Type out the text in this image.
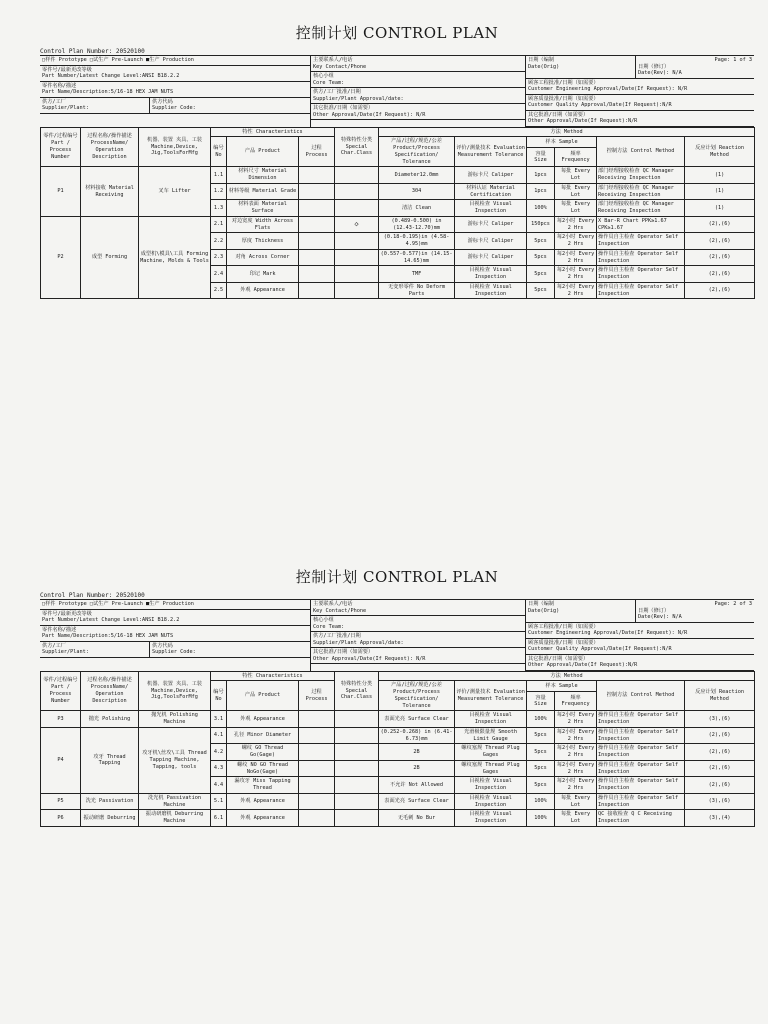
控制计划 CONTROL PLAN
Control Plan Number: 20520100
□样件 Prototype □试生产 Pre-Launch ■生产 Production
零件号/最新更改等级
Part Number/Latest Change Level:ANSI B18.2.2
零件名称/描述
Part Name/Description:5/16-18 HEX JAM NUTS
供方/工厂
Supplier/Plant:
供方代码
Supplier Code:
主要联系人/电话
Key Contact/Phone
核心小组
Core Team:
供方/工厂批准/日期
Supplier/Plant Approval/date:
其它批准/日期（如需要）
Other Approval/Date(If Request): N/R
日期（编制
Date(Orig)
Page: 1 of 3
日期（修订）
Date(Rev): N/A
顾客工程批准/日期（如需要）
Customer Engineering Approval/Date(If Request): N/R
顾客质量批准/日期（如需要）
Customer Quality Approval/Date(If Request):N/R
其它批准/日期（如需要）
Other Approval/Date(If Request):N/R
零件/过程编号 Part / Process Number	过程名称/操作描述 ProcessName/ Operation Description	机器、装置 夹具、工装 Machine,Device, Jig,ToolsForMfg	特性 Characteristics			特殊特性分类 Special Char.Class	方法 Method					
			编号 No	产品 Product	过程 Process		产品/过程/规范/公差 Product/Process Specification/ Tolerance	评价/测量技术 Evaluation Measurement Tolerance	样本 Sample		控制方法 Control Method	反应计划 Reaction Method
									容量 Size	频率 Frequency		
P1	材料接收 Material Receiving	叉车 Lifter	1.1	材料尺寸 Material Dimension			Diameter12.0mm	游标卡尺 Caliper	1pcs	每批 Every Lot	部门经理接收检查 QC Manager Receiving Inspection	(1)
			1.2	材料等级 Material Grade			304	材料认证 Material Certification	1pcs	每批 Every Lot	部门经理接收检查 QC Manager Receiving Inspection	(1)
			1.3	材料表面 Material Surface			清洁 Clean	目视检查 Visual Inspection	100%	每批 Every Lot	部门经理接收检查 QC Manager Receiving Inspection	(1)
P2	成型 Forming	成型机\模具\工具 Forming Machine, Molds & Tools	2.1	对边宽度 Width Across Flats		◇	(0.489-0.500) in (12.43-12.70)mm	游标卡尺 Caliper	150pcs	每2小时 Every 2 Hrs	X Bar-R Chart PPK≥1.67 CPK≥1.67	(2),(6)
			2.2	厚度 Thickness			(0.18-0.195)in (4.58-4.95)mm	游标卡尺 Caliper	5pcs	每2小时 Every 2 Hrs	操作员自主检查 Operator Self Inspection	(2),(6)
			2.3	对角 Across Corner			(0.557-0.577)in (14.15-14.65)mm	游标卡尺 Caliper	5pcs	每2小时 Every 2 Hrs	操作员自主检查 Operator Self Inspection	(2),(6)
			2.4	印记 Mark			TMF	目视检查 Visual Inspection	5pcs	每2小时 Every 2 Hrs	操作员自主检查 Operator Self Inspection	(2),(6)
			2.5	外观 Appearance			无变形零件 No Deform Parts	目视检查 Visual Inspection	5pcs	每2小时 Every 2 Hrs	操作员自主检查 Operator Self Inspection	(2),(6)
控制计划 CONTROL PLAN
Control Plan Number: 20520100
□样件 Prototype □试生产 Pre-Launch ■生产 Production
零件号/最新更改等级
Part Number/Latest Change Level:ANSI B18.2.2
零件名称/描述
Part Name/Description:5/16-18 HEX JAM NUTS
供方/工厂
Supplier/Plant:
供方代码
Supplier Code:
主要联系人/电话
Key Contact/Phone
核心小组
Core Team:
供方/工厂批准/日期
Supplier/Plant Approval/date:
其它批准/日期（如需要）
Other Approval/Date(If Request): N/R
日期（编制
Date(Orig)
Page: 2 of 3
日期（修订）
Date(Rev): N/A
顾客工程批准/日期（如需要）
Customer Engineering Approval/Date(If Request): N/R
顾客质量批准/日期（如需要）
Customer Quality Approval/Date(If Request):N/R
其它批准/日期（如需要）
Other Approval/Date(If Request):N/R
零件/过程编号 Part / Process Number	过程名称/操作描述 ProcessName/ Operation Description	机器、装置 夹具、工装 Machine,Device, Jig,ToolsForMfg	特性 Characteristics			特殊特性分类 Special Char.Class	方法 Method					
			编号 No	产品 Product	过程 Process		产品/过程/规范/公差 Product/Process Specification/ Tolerance	评价/测量技术 Evaluation Measurement Tolerance	样本 Sample		控制方法 Control Method	反应计划 Reaction Method
									容量 Size	频率 Frequency		
P3	抛光 Polishing	抛光机 Polishing Machine	3.1	外观 Appearance			表面光亮 Surface Clear	目视检查 Visual Inspection	100%	每2小时 Every 2 Hrs	操作员自主检查 Operator Self Inspection	(3),(6)
P4	攻牙 Thread Tapping	攻牙机\丝攻\工具 Thread Tapping Machine, Tapping, tools	4.1	孔径 Minor Diameter			(0.252-0.268) in (6.41-6.73)mm	光滑极限量规 Smooth Limit Gauge	5pcs	每2小时 Every 2 Hrs	操作员自主检查 Operator Self Inspection	(2),(6)
			4.2	螺纹 GO Thread Go(Gage)			2B	螺纹塞规 Thread Plug Gages	5pcs	每2小时 Every 2 Hrs	操作员自主检查 Operator Self Inspection	(2),(6)
			4.3	螺纹 NO GO Thread NoGo(Gage)			2B	螺纹塞规 Thread Plug Gages	5pcs	每2小时 Every 2 Hrs	操作员自主检查 Operator Self Inspection	(2),(6)
			4.4	漏攻牙 Miss Tapping Thread			不允许 Not Allowed	目视检查 Visual Inspection	5pcs	每2小时 Every 2 Hrs	操作员自主检查 Operator Self Inspection	(2),(6)
P5	洗光 Passivation	洗光机 Passivation Machine	5.1	外观 Appearance			表面光亮 Surface Clear	目视检查 Visual Inspection	100%	每批 Every Lot	操作员自主检查 Operator Self Inspection	(3),(6)
P6	振动研磨 Deburring	振动研磨机 Deburring Machine	6.1	外观 Appearance			无毛刺 No Bur	目视检查 Visual Inspection	100%	每批 Every Lot	QC 接收检查 Q C Receiving Inspection	(3),(4)
